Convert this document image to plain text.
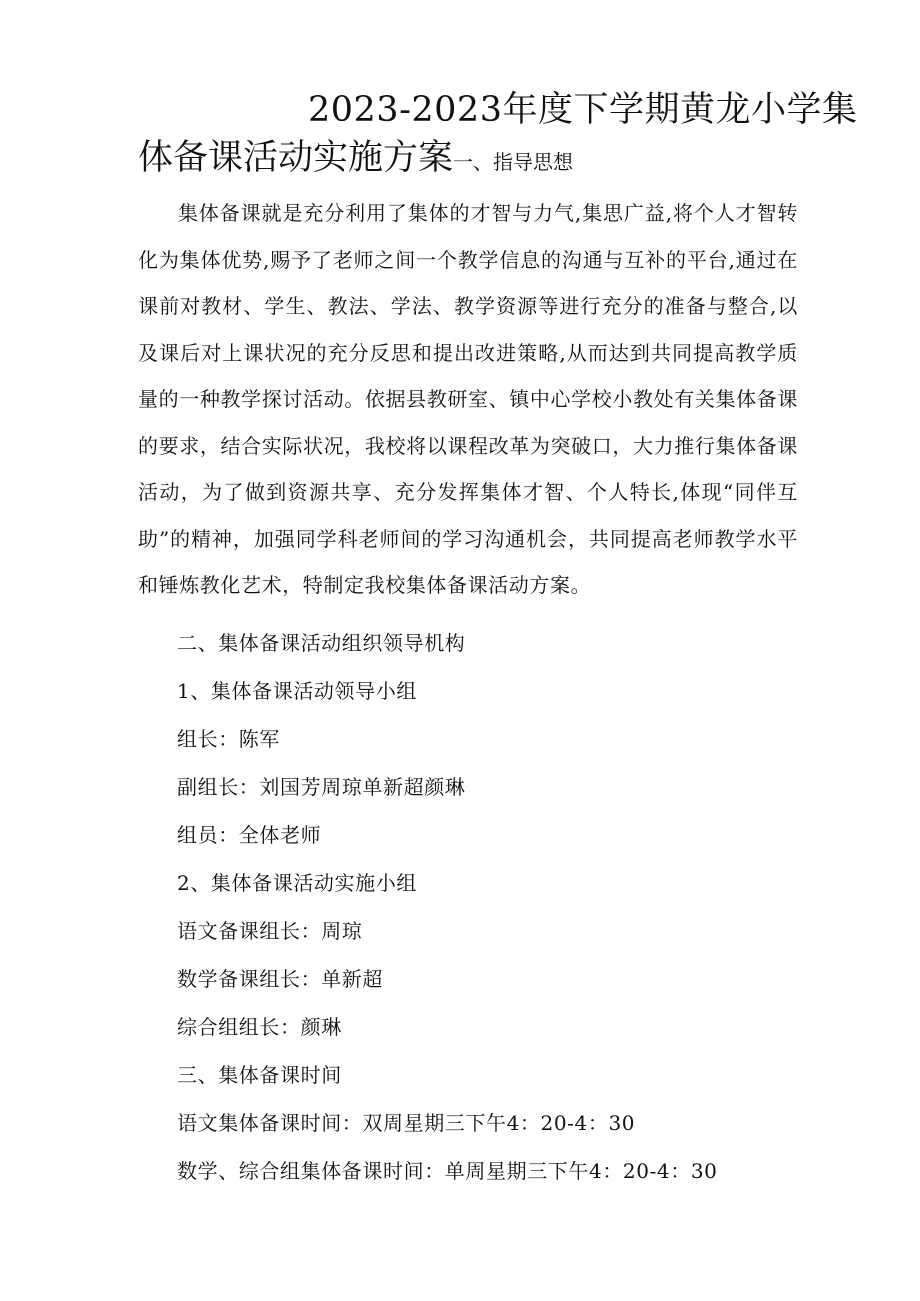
2023-2023年度下学期黄龙小学集
体备课活动实施方案一、指导思想
集体备课就是充分利用了集体的才智与力气,集思广益,将个人才智转化为集体优势,赐予了老师之间一个教学信息的沟通与互补的平台,通过在课前对教材、学生、教法、学法、教学资源等进行充分的准备与整合,以及课后对上课状况的充分反思和提出改进策略,从而达到共同提高教学质量的一种教学探讨活动。依据县教研室、镇中心学校小教处有关集体备课的要求，结合实际状况，我校将以课程改革为突破口，大力推行集体备课活动，为了做到资源共享、充分发挥集体才智、个人特长,体现“同伴互助”的精神，加强同学科老师间的学习沟通机会，共同提高老师教学水平和锤炼教化艺术，特制定我校集体备课活动方案。
二、集体备课活动组织领导机构
1、集体备课活动领导小组
组长：陈军
副组长：刘国芳周琼单新超颜琳
组员：全体老师
2、集体备课活动实施小组
语文备课组长：周琼
数学备课组长：单新超
综合组组长：颜琳
三、集体备课时间
语文集体备课时间：双周星期三下午4：20-4：30
数学、综合组集体备课时间：单周星期三下午4：20-4：30
